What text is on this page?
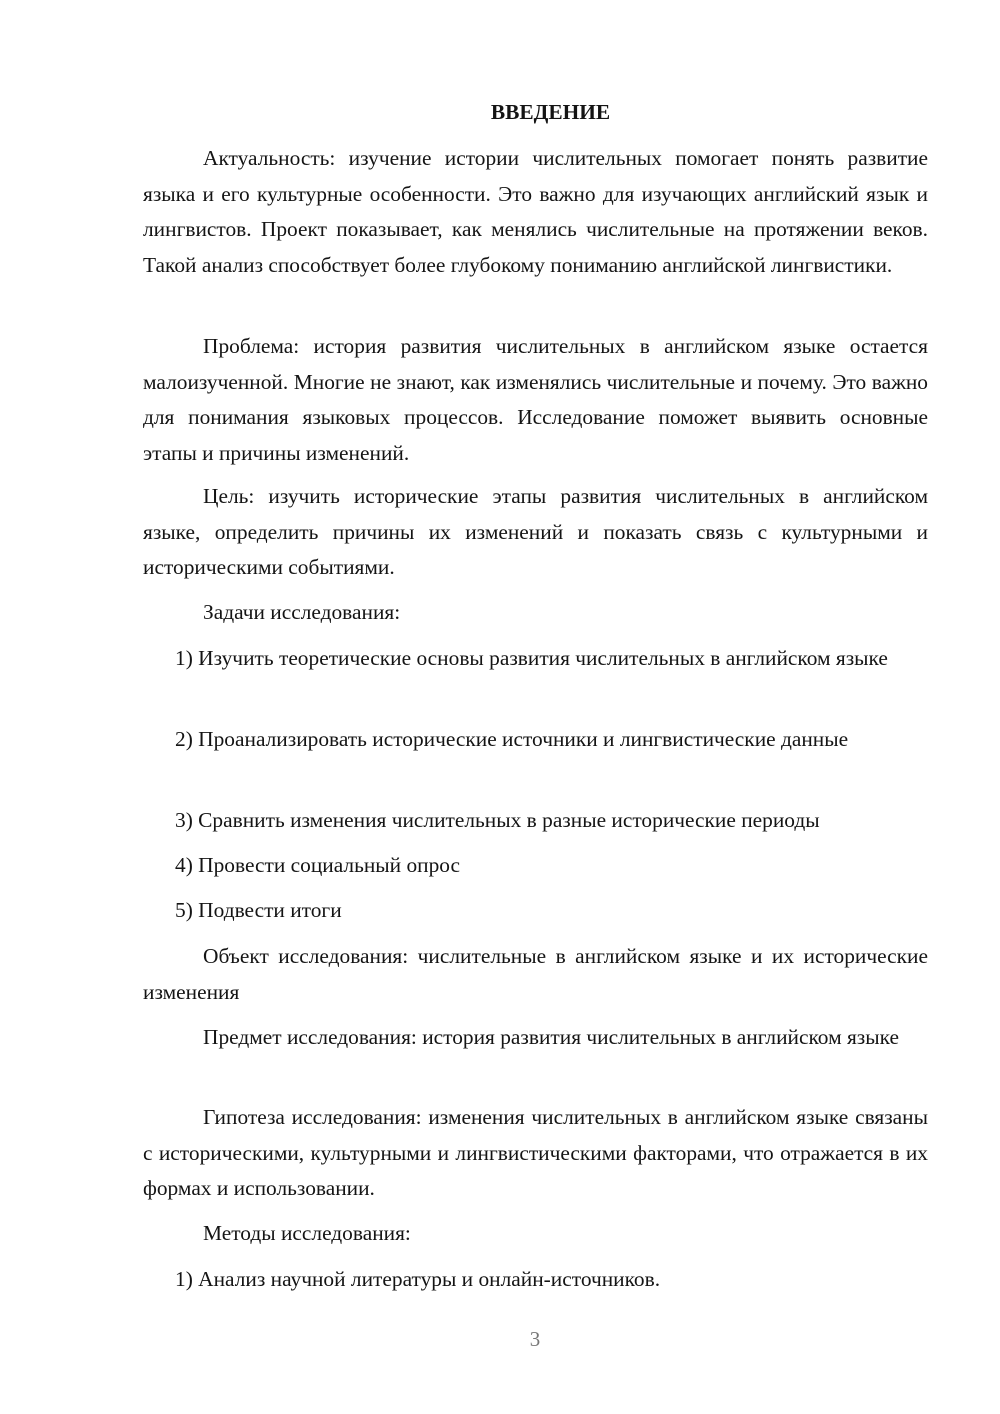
ВВЕДЕНИЕ

Актуальность: изучение истории числительных помогает понять развитие языка и его культурные особенности. Это важно для изучающих английский язык и лингвистов. Проект показывает, как менялись числительные на протяжении веков. Такой анализ способствует более глубокому пониманию английской лингвистики.

Проблема: история развития числительных в английском языке остается малоизученной. Многие не знают, как изменялись числительные и почему. Это важно для понимания языковых процессов. Исследование поможет выявить основные этапы и причины изменений.

Цель: изучить исторические этапы развития числительных в английском языке, определить причины их изменений и показать связь с культурными и историческими событиями.

Задачи исследования:

1) Изучить теоретические основы развития числительных в английском языке

2) Проанализировать исторические источники и лингвистические данные

3) Сравнить изменения числительных в разные исторические периоды

4) Провести социальный опрос

5) Подвести итоги

Объект исследования: числительные в английском языке и их исторические изменения

Предмет исследования: история развития числительных в английском языке

Гипотеза исследования: изменения числительных в английском языке связаны с историческими, культурными и лингвистическими факторами, что отражается в их формах и использовании.

Методы исследования:

1) Анализ научной литературы и онлайн-источников.

3
